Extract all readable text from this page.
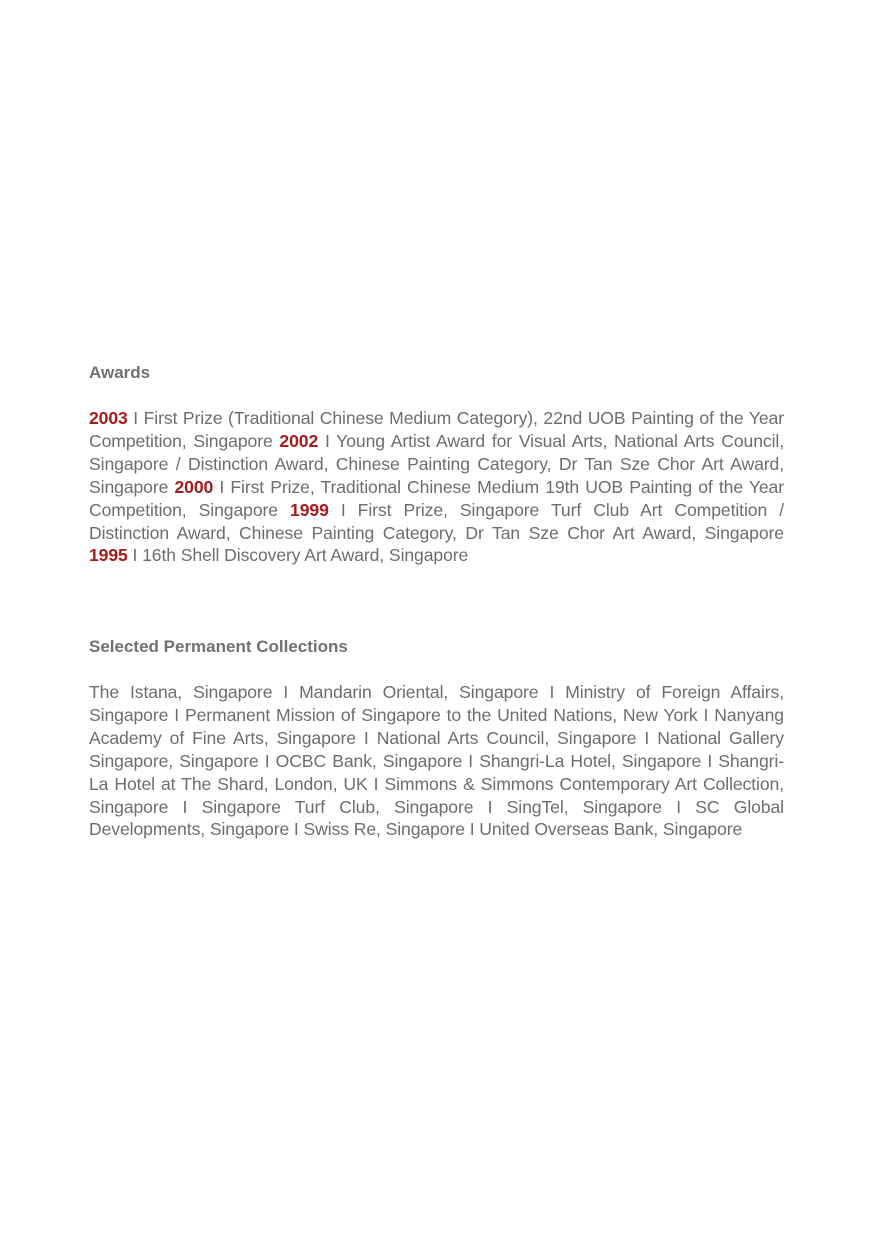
Awards

2003 I First Prize (Traditional Chinese Medium Category), 22nd UOB Painting of the Year Competition, Singapore 2002 I Young Artist Award for Visual Arts, National Arts Council, Singapore / Distinction Award, Chinese Painting Category, Dr Tan Sze Chor Art Award, Singapore 2000 I First Prize, Traditional Chinese Medium 19th UOB Painting of the Year Competition, Singapore 1999 I First Prize, Singapore Turf Club Art Competition / Distinction Award, Chinese Painting Category, Dr Tan Sze Chor Art Award, Singapore 1995 I 16th Shell Discovery Art Award, Singapore

Selected Permanent Collections

The Istana, Singapore I Mandarin Oriental, Singapore I Ministry of Foreign Affairs, Singapore I Permanent Mission of Singapore to the United Nations, New York I Nanyang Academy of Fine Arts, Singapore I National Arts Council, Singapore I National Gallery Singapore, Singapore I OCBC Bank, Singapore I Shangri-La Hotel, Singapore I Shangri-La Hotel at The Shard, London, UK I Simmons & Simmons Contemporary Art Collection, Singapore I Singapore Turf Club, Singapore I SingTel, Singapore I SC Global Developments, Singapore I Swiss Re, Singapore I United Overseas Bank, Singapore
